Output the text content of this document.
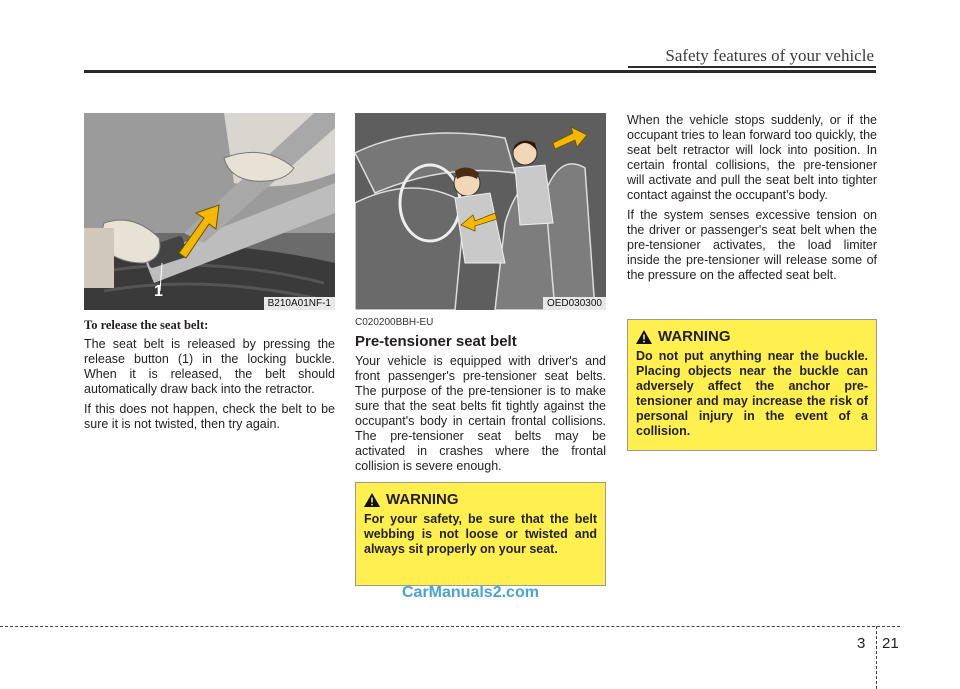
Safety features of your vehicle
1
B210A01NF-1	OED030300
To release the seat belt:

The seat belt is released by pressing the release button (1) in the locking buckle. When it is released, the belt should automatically draw back into the retractor.

If this does not happen, check the belt to be sure it is not twisted, then try again.

C020200BBH-EU
Pre-tensioner seat belt

Your vehicle is equipped with driver's and front passenger's pre-tensioner seat belts. The purpose of the pre-tensioner is to make sure that the seat belts fit tightly against the occupant's body in certain frontal collisions. The pre-tensioner seat belts may be activated in crashes where the frontal collision is severe enough.

WARNING
For your safety, be sure that the belt webbing is not loose or twisted and always sit properly on your seat.

When the vehicle stops suddenly, or if the occupant tries to lean forward too quickly, the seat belt retractor will lock into position. In certain frontal collisions, the pre-tensioner will activate and pull the seat belt into tighter contact against the occupant's body.

If the system senses excessive tension on the driver or passenger's seat belt when the pre-tensioner activates, the load limiter inside the pre-tensioner will release some of the pressure on the affected seat belt.

WARNING
Do not put anything near the buckle. Placing objects near the buckle can adversely affect the anchor pre-tensioner and may increase the risk of personal injury in the event of a collision.
CarManuals2.com
3 21
